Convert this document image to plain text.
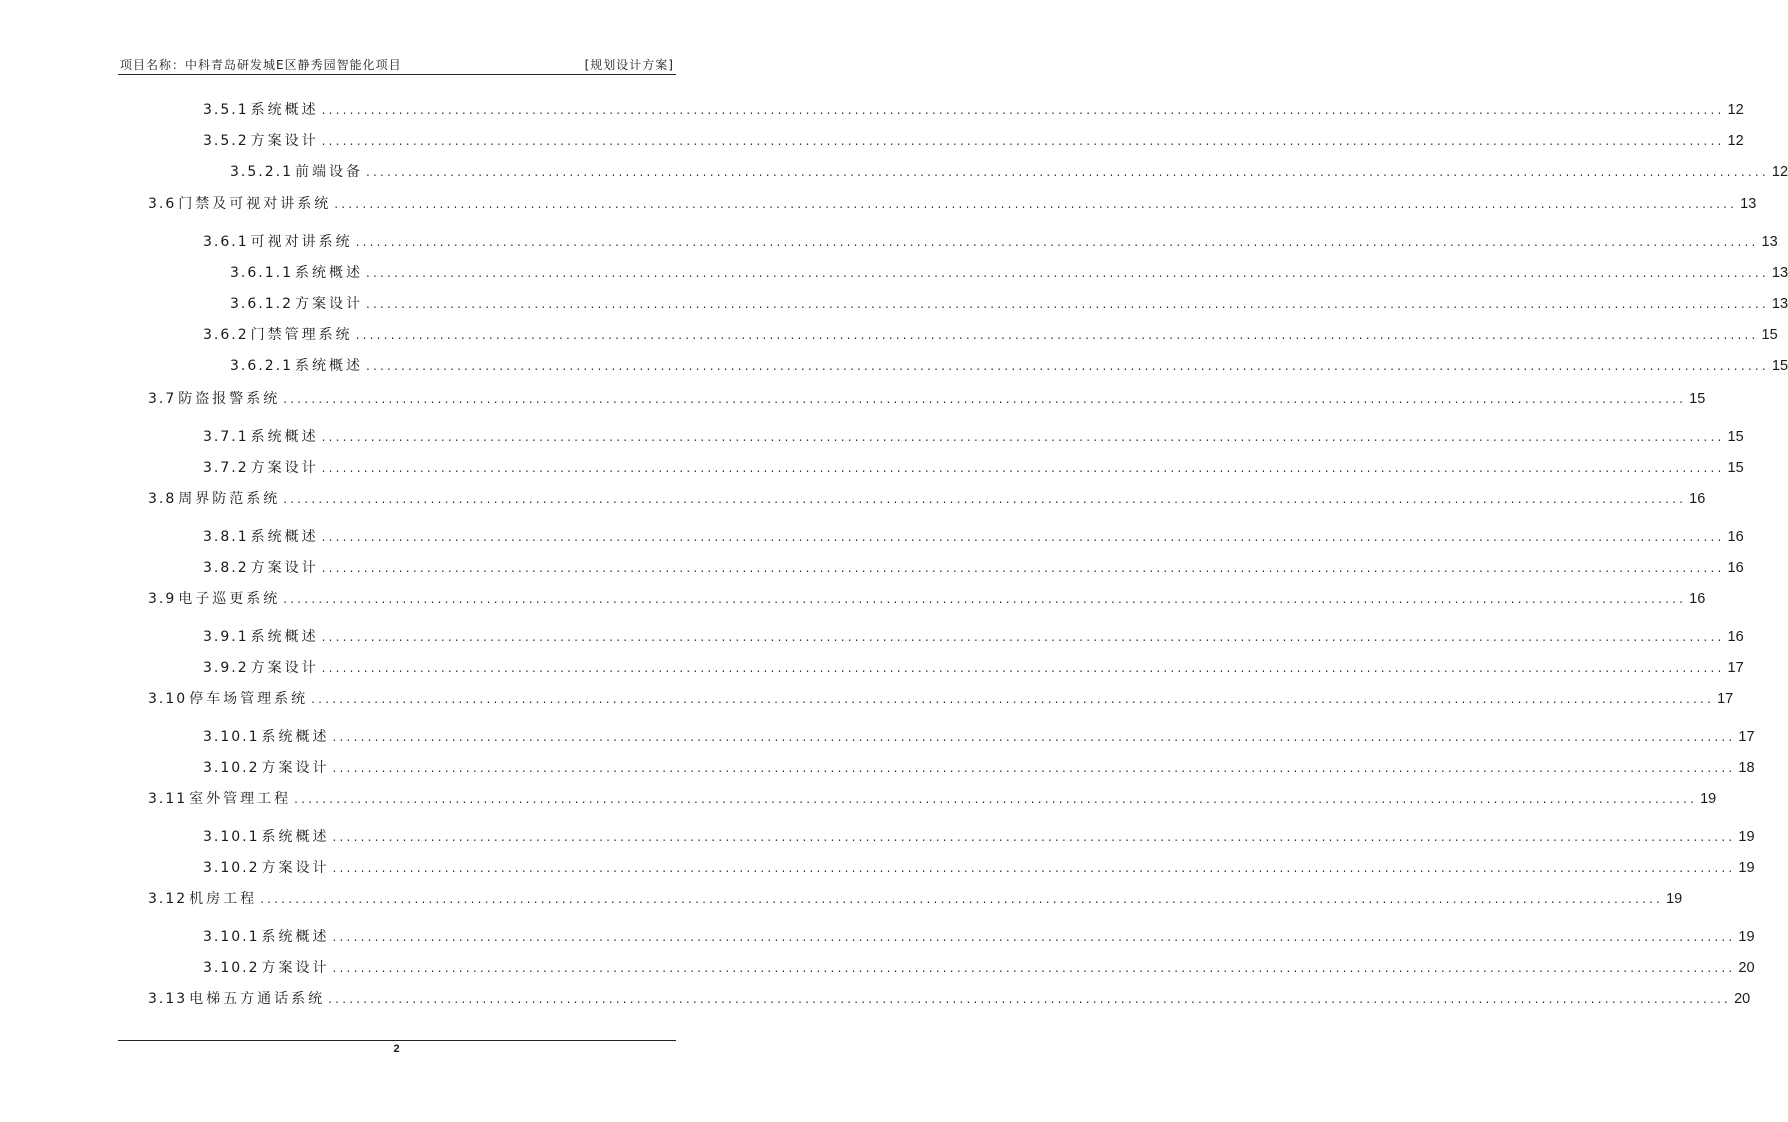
项目名称：中科青岛研发城E区静秀园智能化项目	[规划设计方案]
3.5.1 系统概述 ........................................................................................................................................................................................................ 12
3.5.2 方案设计 ........................................................................................................................................................................................................ 12
3.5.2.1 前端设备 ........................................................................................................................................................................................................ 12
3.6 门禁及可视对讲系统 ........................................................................................................................................................................................................ 13
3.6.1 可视对讲系统 ........................................................................................................................................................................................................ 13
3.6.1.1 系统概述 ........................................................................................................................................................................................................ 13
3.6.1.2 方案设计 ........................................................................................................................................................................................................ 13
3.6.2 门禁管理系统 ........................................................................................................................................................................................................ 15
3.6.2.1 系统概述 ........................................................................................................................................................................................................ 15
3.7 防盗报警系统 ........................................................................................................................................................................................................ 15
3.7.1 系统概述 ........................................................................................................................................................................................................ 15
3.7.2 方案设计 ........................................................................................................................................................................................................ 15
3.8 周界防范系统 ........................................................................................................................................................................................................ 16
3.8.1 系统概述 ........................................................................................................................................................................................................ 16
3.8.2 方案设计 ........................................................................................................................................................................................................ 16
3.9 电子巡更系统 ........................................................................................................................................................................................................ 16
3.9.1 系统概述 ........................................................................................................................................................................................................ 16
3.9.2 方案设计 ........................................................................................................................................................................................................ 17
3.10 停车场管理系统 ........................................................................................................................................................................................................ 17
3.10.1 系统概述 ........................................................................................................................................................................................................ 17
3.10.2 方案设计 ........................................................................................................................................................................................................ 18
3.11 室外管理工程 ........................................................................................................................................................................................................ 19
3.10.1 系统概述 ........................................................................................................................................................................................................ 19
3.10.2 方案设计 ........................................................................................................................................................................................................ 19
3.12 机房工程 ........................................................................................................................................................................................................ 19
3.10.1 系统概述 ........................................................................................................................................................................................................ 19
3.10.2 方案设计 ........................................................................................................................................................................................................ 20
3.13 电梯五方通话系统 ........................................................................................................................................................................................................ 20
2
